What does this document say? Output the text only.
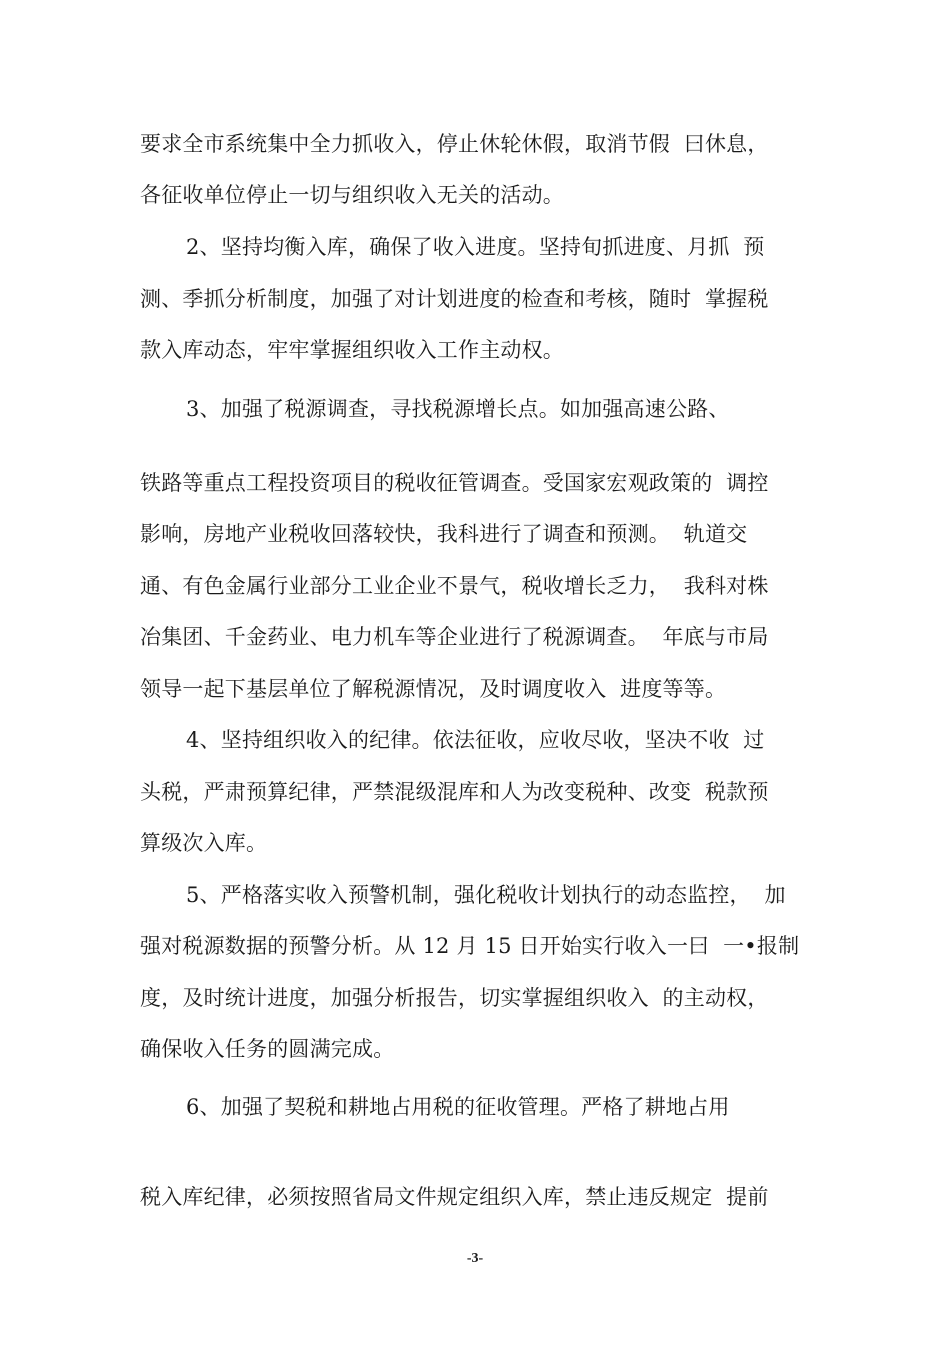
要求全市系统集中全力抓收入，停止休轮休假，取消节假  曰休息，
各征收单位停止一切与组织收入无关的活动。
2、坚持均衡入库，确保了收入进度。坚持旬抓进度、月抓  预
测、季抓分析制度，加强了对计划进度的检查和考核，随时  掌握税
款入库动态，牢牢掌握组织收入工作主动权。
3、加强了税源调查，寻找税源增长点。如加强高速公路、
铁路等重点工程投资项目的税收征管调查。受国家宏观政策的  调控
影响，房地产业税收回落较快，我科进行了调查和预测。  轨道交
通、有色金属行业部分工业企业不景气，税收增长乏力，  我科对株
冶集团、千金药业、电力机车等企业进行了税源调查。  年底与市局
领导一起下基层单位了解税源情况，及时调度收入  进度等等。
4、坚持组织收入的纪律。依法征收，应收尽收，坚决不收  过
头税，严肃预算纪律，严禁混级混库和人为改变税种、改变  税款预
算级次入库。
5、严格落实收入预警机制，强化税收计划执行的动态监控，  加
强对税源数据的预警分析。从 12 月 15 日开始实行收入一曰  一•报制
度，及时统计进度，加强分析报告，切实掌握组织收入  的主动权，
确保收入任务的圆满完成。
6、加强了契税和耕地占用税的征收管理。严格了耕地占用
税入库纪律，必须按照省局文件规定组织入库，禁止违反规定  提前
-3-
